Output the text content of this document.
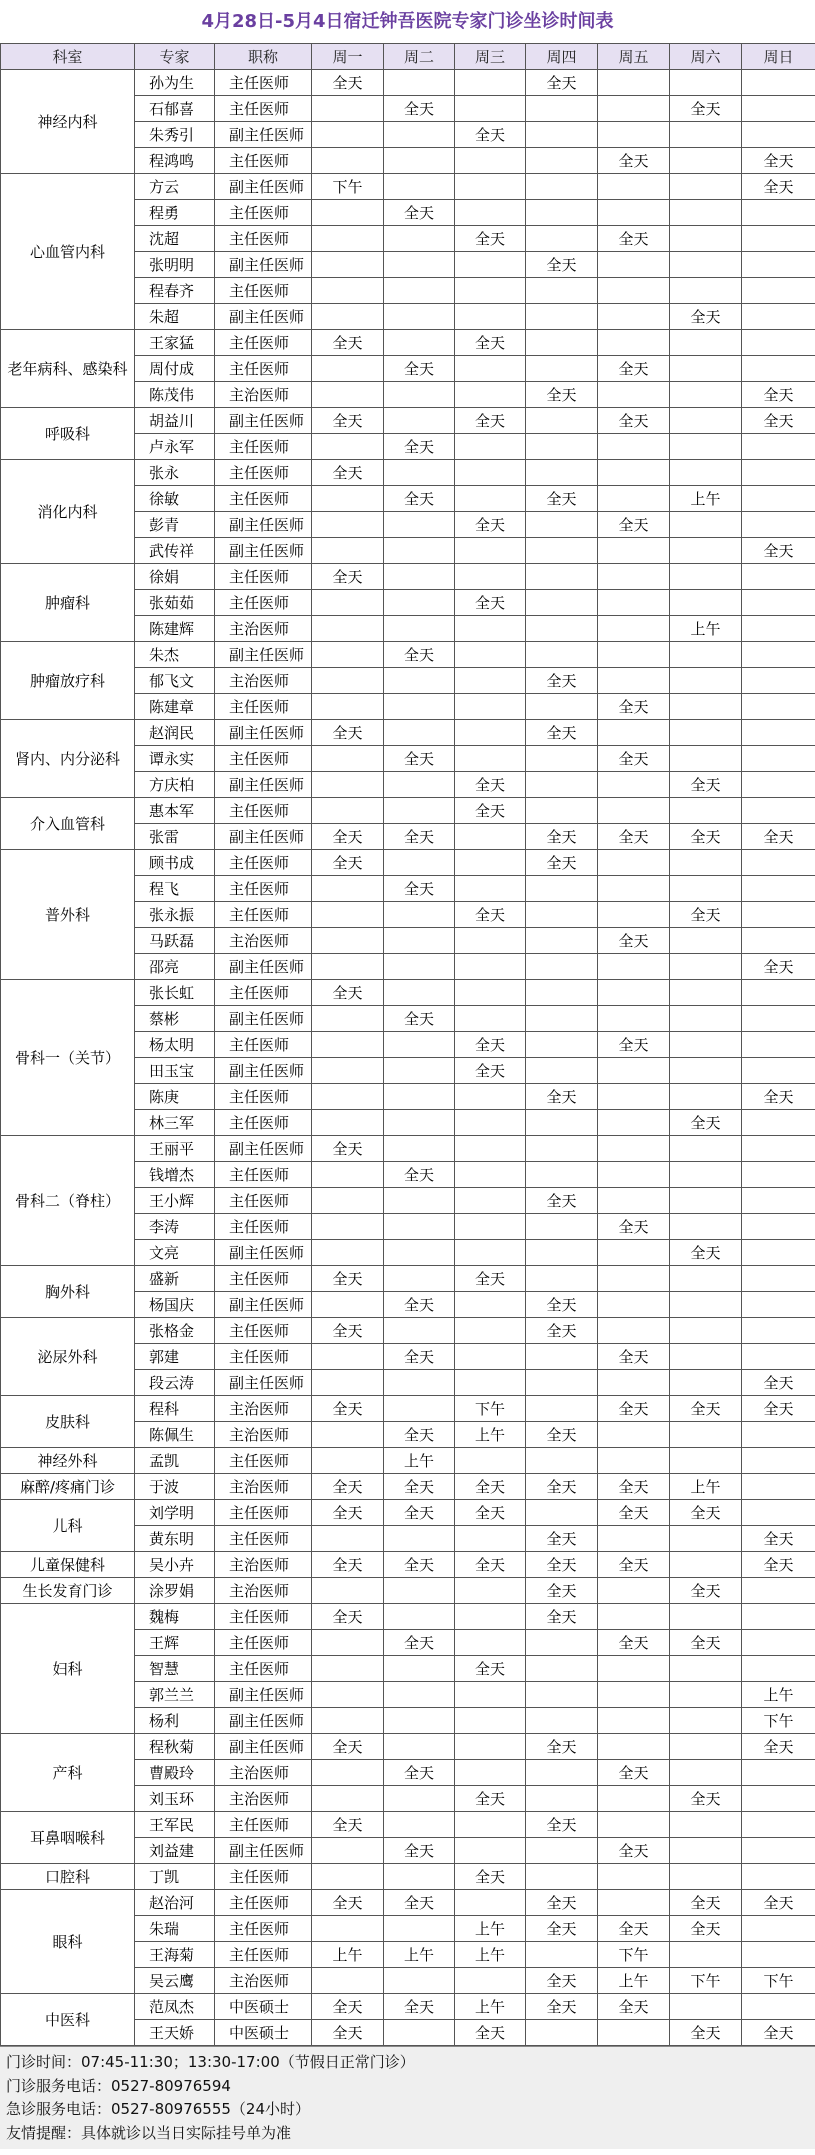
4月28日-5月4日宿迁钟吾医院专家门诊坐诊时间表
科室	专家	职称	周一	周二	周三	周四	周五	周六	周日
神经内科	孙为生	主任医师	全天			全天			
	石郁喜	主任医师		全天				全天	
	朱秀引	副主任医师			全天				
	程鸿鸣	主任医师					全天		全天
心血管内科	方云	副主任医师	下午						全天
	程勇	主任医师		全天					
	沈超	主任医师			全天		全天		
	张明明	副主任医师				全天			
	程春齐	主任医师							
	朱超	副主任医师						全天	
老年病科、感染科	王家猛	主任医师	全天		全天				
	周付成	主任医师		全天			全天		
	陈茂伟	主治医师				全天			全天
呼吸科	胡益川	副主任医师	全天		全天		全天		全天
	卢永军	主任医师		全天					
消化内科	张永	主任医师	全天						
	徐敏	主任医师		全天		全天		上午	
	彭青	副主任医师			全天		全天		
	武传祥	副主任医师							全天
肿瘤科	徐娟	主任医师	全天						
	张茹茹	主任医师			全天				
	陈建辉	主治医师						上午	
肿瘤放疗科	朱杰	副主任医师		全天					
	郁飞文	主治医师				全天			
	陈建章	主任医师					全天		
肾内、内分泌科	赵润民	副主任医师	全天			全天			
	谭永实	主任医师		全天			全天		
	方庆柏	副主任医师			全天			全天	
介入血管科	惠本军	主任医师			全天				
	张雷	副主任医师	全天	全天		全天	全天	全天	全天
普外科	顾书成	主任医师	全天			全天			
	程飞	主任医师		全天					
	张永振	主任医师			全天			全天	
	马跃磊	主治医师					全天		
	邵亮	副主任医师							全天
骨科一（关节）	张长虹	主任医师	全天						
	蔡彬	副主任医师		全天					
	杨太明	主任医师			全天		全天		
	田玉宝	副主任医师			全天				
	陈庚	主任医师				全天			全天
	林三军	主任医师						全天	
骨科二（脊柱）	王丽平	副主任医师	全天						
	钱增杰	主任医师		全天					
	王小辉	主任医师				全天			
	李涛	主任医师					全天		
	文亮	副主任医师						全天	
胸外科	盛新	主任医师	全天		全天				
	杨国庆	副主任医师		全天		全天			
泌尿外科	张格金	主任医师	全天			全天			
	郭建	主任医师		全天			全天		
	段云涛	副主任医师							全天
皮肤科	程科	主治医师	全天		下午		全天	全天	全天
	陈佩生	主治医师		全天	上午	全天			
神经外科	孟凯	主任医师		上午					
麻醉/疼痛门诊	于波	主治医师	全天	全天	全天	全天	全天	上午	
儿科	刘学明	主任医师	全天	全天	全天		全天	全天	
	黄东明	主任医师				全天			全天
儿童保健科	吴小卉	主治医师	全天	全天	全天	全天	全天		全天
生长发育门诊	涂罗娟	主治医师				全天		全天	
妇科	魏梅	主任医师	全天			全天			
	王辉	主任医师		全天			全天	全天	
	智慧	主任医师			全天				
	郭兰兰	副主任医师							上午
	杨利	副主任医师							下午
产科	程秋菊	副主任医师	全天			全天			全天
	曹殿玲	主治医师		全天			全天		
	刘玉环	主治医师			全天			全天	
耳鼻咽喉科	王军民	主任医师	全天			全天			
	刘益建	副主任医师		全天			全天		
口腔科	丁凯	主任医师			全天				
眼科	赵治河	主任医师	全天	全天		全天		全天	全天
	朱瑞	主任医师			上午	全天	全天	全天	
	王海菊	主任医师	上午	上午	上午		下午		
	吴云鹰	主治医师				全天	上午	下午	下午
中医科	范凤杰	中医硕士	全天	全天	上午	全天	全天		
	王天娇	中医硕士	全天		全天			全天	全天
门诊时间：07:45-11:30；13:30-17:00（节假日正常门诊）
门诊服务电话：0527-80976594
急诊服务电话：0527-80976555（24小时）
友情提醒：具体就诊以当日实际挂号单为准
